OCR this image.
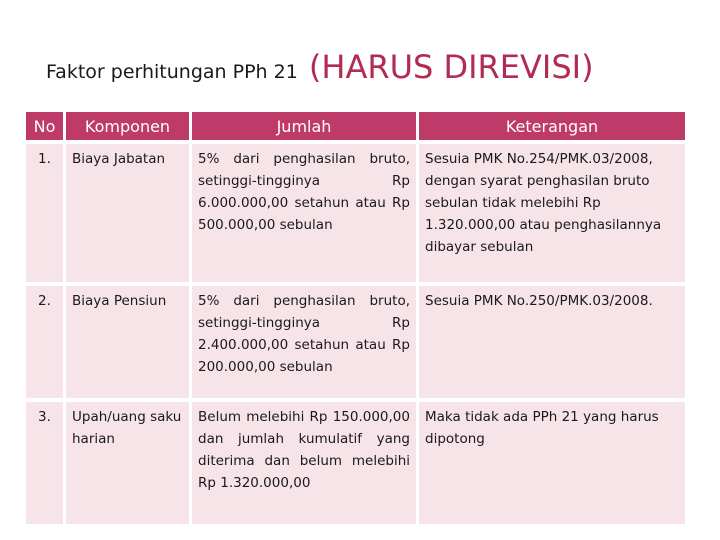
Faktor perhitungan PPh 21 (HARUS DIREVISI)
No	Komponen	Jumlah	Keterangan
1.	Biaya Jabatan	5% dari penghasilan bruto, setinggi-tingginya Rp 6.000.000,00 setahun atau Rp 500.000,00 sebulan	Sesuia PMK No.254/PMK.03/2008, dengan syarat penghasilan bruto sebulan tidak melebihi Rp 1.320.000,00 atau penghasilannya dibayar sebulan
2.	Biaya Pensiun	5% dari penghasilan bruto, setinggi-tingginya Rp 2.400.000,00 setahun atau Rp 200.000,00 sebulan	Sesuia PMK No.250/PMK.03/2008.
3.	Upah/uang saku harian	Belum melebihi Rp 150.000,00 dan jumlah kumulatif yang diterima dan belum melebihi Rp 1.320.000,00	Maka tidak ada PPh 21 yang harus dipotong
